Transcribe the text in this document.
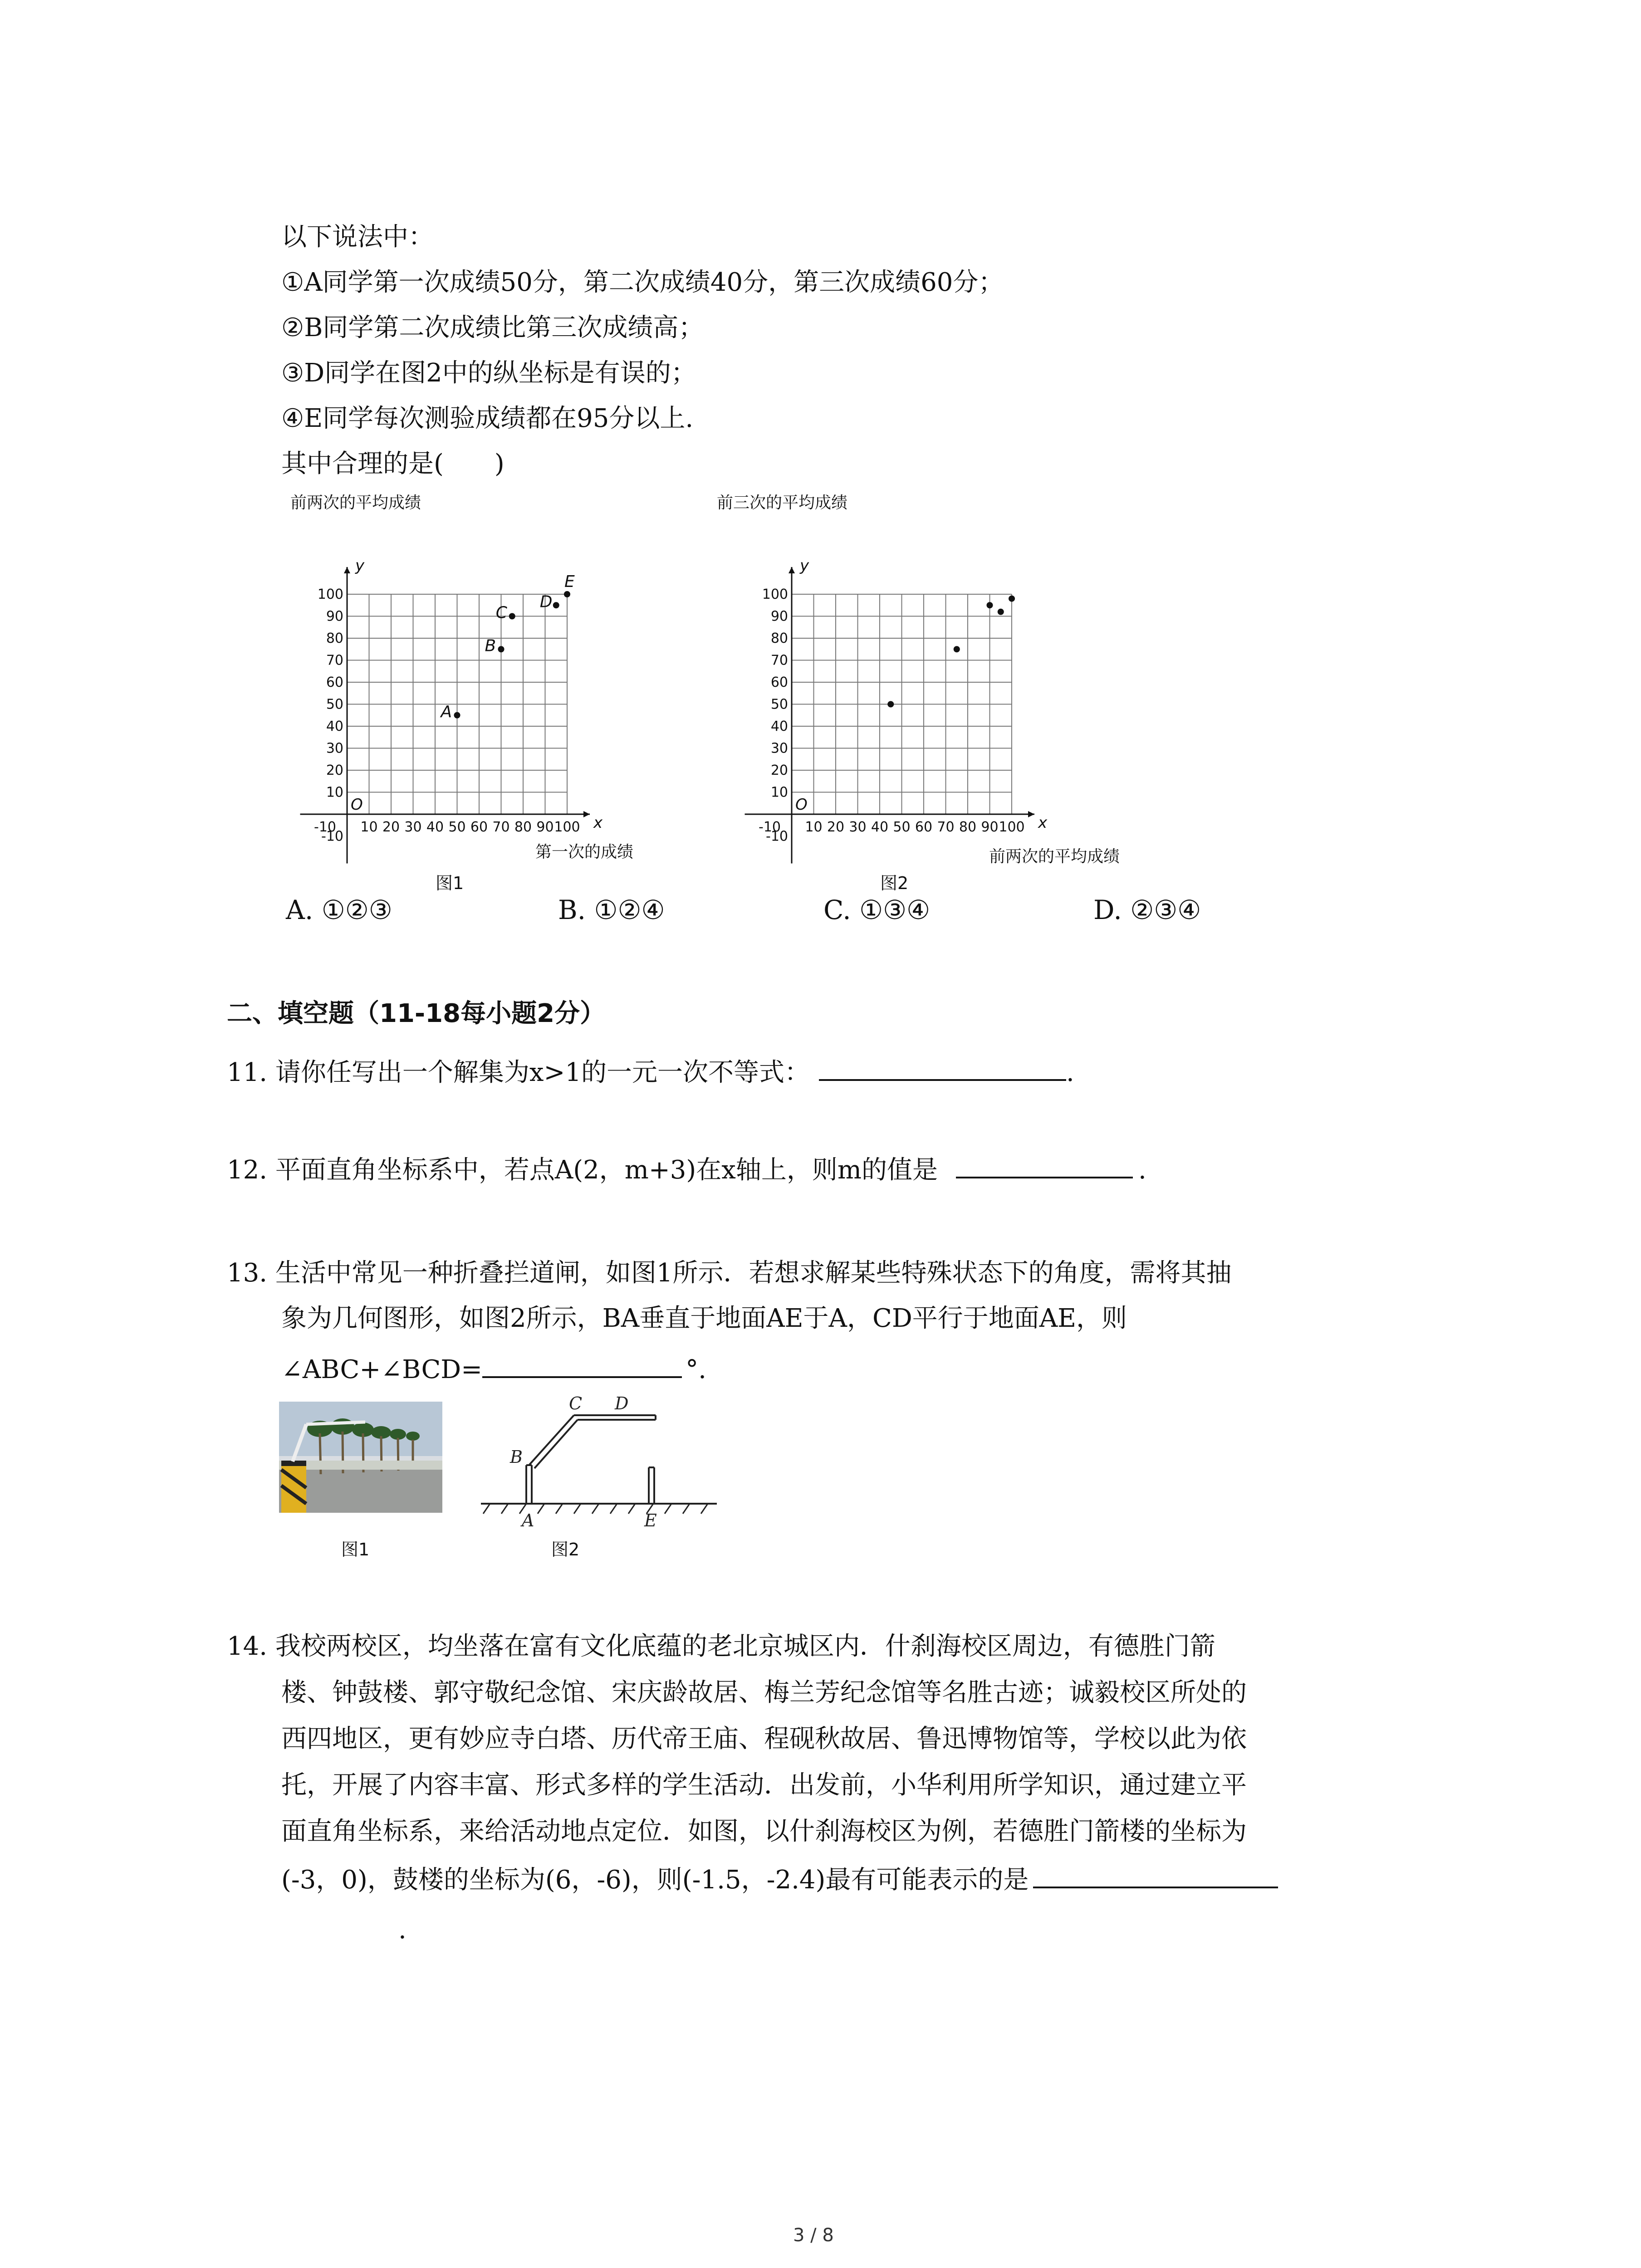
以下说法中：
①A同学第一次成绩50分，第二次成绩40分，第三次成绩60分；
②B同学第二次成绩比第三次成绩高；
③D同学在图2中的纵坐标是有误的；
④E同学每次测验成绩都在95分以上.
其中合理的是(　　)
-10
-10
10
10
20
20
30
30
40
40
50
50
60
60
70
70
80
80
90
90
100
100
x
y
O
前两次的平均成绩
第一次的成绩
图1
A
B
C
D
E
-10
-10
10
10
20
20
30
30
40
40
50
50
60
60
70
70
80
80
90
90
100
100
x
y
O
前三次的平均成绩
前两次的平均成绩
图2
A. ①②③	B. ①②④	C. ①③④	D. ②③④
二、填空题（11-18每小题2分）
11. 请你任写出一个解集为x>1的一元一次不等式：	.
12. 平面直角坐标系中，若点A(2，m+3)在x轴上，则m的值是	.
13. 生活中常见一种折叠拦道闸，如图1所示．若想求解某些特殊状态下的角度，需将其抽
象为几何图形，如图2所示，BA垂直于地面AE于A，CD平行于地面AE，则
∠ABC+∠BCD=	°.
图1
B
C D
A	E
图2
14. 我校两校区，均坐落在富有文化底蕴的老北京城区内．什刹海校区周边，有德胜门箭
楼、钟鼓楼、郭守敬纪念馆、宋庆龄故居、梅兰芳纪念馆等名胜古迹；诚毅校区所处的
西四地区，更有妙应寺白塔、历代帝王庙、程砚秋故居、鲁迅博物馆等，学校以此为依
托，开展了内容丰富、形式多样的学生活动．出发前，小华利用所学知识，通过建立平
面直角坐标系，来给活动地点定位．如图，以什刹海校区为例，若德胜门箭楼的坐标为
(-3，0)，鼓楼的坐标为(6，-6)，则(-1.5，-2.4)最有可能表示的是
.
3 / 8
